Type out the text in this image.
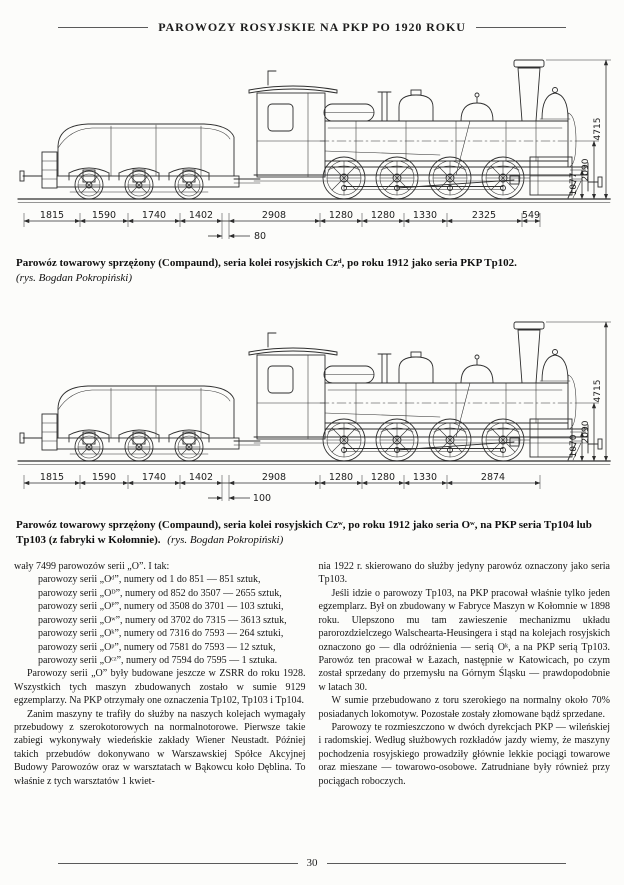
PAROWOZY ROSYJSKIE NA PKP PO 1920 ROKU
1815	1590	1740 1402	2908	1280 1280 1330	2325	549
80
4715
2090
1077
Parowóz towarowy sprzężony (Compaund), seria kolei rosyjskich Czᵈ, po roku 1912 jako seria PKP Tp102.
(rys. Bogdan Pokropiński)
1815	1590	1740 1402	2908	1280 1280 1330	2874
100
4715
2090
1070
Parowóz towarowy sprzężony (Compaund), seria kolei rosyjskich Czʷ, po roku 1912 jako seria Oʷ, na PKP seria Tp104 lub Tp103 (z fabryki w Kołomnie). (rys. Bogdan Pokropiński)

wały 7499 parowozów serii „O”. I tak:

parowozy serii „Oᵈ”, numery od 1 do 851 — 851 sztuk,

parowozy serii „Oᴰ”, numery od 852 do 3507 — 2655 sztuk,

parowozy serii „Oᴾ”, numery od 3508 do 3701 — 103 sztuki,

parowozy serii „Oʷ”, numery od 3702 do 7315 — 3613 sztuk,

parowozy serii „Oᵏ”, numery od 7316 do 7593 — 264 sztuki,

parowozy serii „Oᵖ”, numery od 7581 do 7593 — 12 sztuk,

parowozy serii „Oᶜᶻ”, numery od 7594 do 7595 — 1 sztuka.

Parowozy serii „O” były budowane jeszcze w ZSRR do roku 1928. Wszystkich tych maszyn zbudowanych zostało w sumie 9129 egzemplarzy. Na PKP otrzymały one oznaczenia Tp102, Tp103 i Tp104.

Zanim maszyny te trafiły do służby na naszych kolejach wymagały przebudowy z szerokotorowych na normalnotorowe. Pierwsze takie zabiegi wykonywały wiedeńskie zakłady Wiener Neustadt. Później takich przebudów dokonywano w Warszawskiej Spółce Akcyjnej Budowy Parowozów oraz w warsztatach w Bąkowcu koło Dęblina. To właśnie z tych warsztatów 1 kwiet-

nia 1922 r. skierowano do służby jedyny parowóz oznaczony jako seria Tp103.

Jeśli idzie o parowozy Tp103, na PKP pracował właśnie tylko jeden egzemplarz. Był on zbudowany w Fabryce Maszyn w Kołomnie w 1898 roku. Ulepszono mu tam zawieszenie mechanizmu układu parorozdzielczego Walschearta-Heusingera i stąd na kolejach rosyjskich oznaczono go — dla odróżnienia — serią Oᵏ, a na PKP serią Tp103. Parowóz ten pracował w Łazach, następnie w Katowicach, po czym został sprzedany do przemysłu na Górnym Śląsku — prawdopodobnie w latach 30.

W sumie przebudowano z toru szerokiego na normalny około 70% posiadanych lokomotyw. Pozostałe zostały złomowane bądź sprzedane.

Parowozy te rozmieszczono w dwóch dyrekcjach PKP — wileńskiej i radomskiej. Według służbowych rozkładów jazdy wiemy, że maszyny pochodzenia rosyjskiego prowadziły głównie lekkie pociągi towarowe oraz mieszane — towarowo-osobowe. Zatrudniane były również przy pociągach roboczych.

30
